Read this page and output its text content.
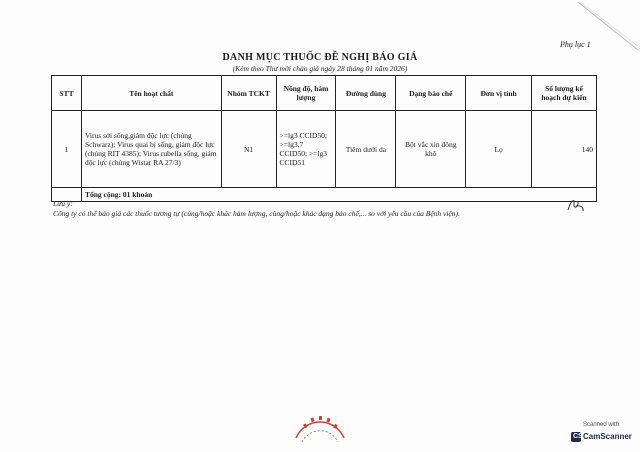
Phụ lục 1
DANH MỤC THUỐC ĐỀ NGHỊ BÁO GIÁ
(Kèm theo Thư mời chào giá ngày 28 tháng 01 năm 2026)
STT	Tên hoạt chất	Nhóm TCKT	Nồng độ, hàm lượng	Đường dùng	Dạng bào chế	Đơn vị tính	Số lượng kế hoạch dự kiến
1	Virus sởi sống,giảm độc lực (chủng Schwarz); Virus quai bị sống, giảm độc lực (chủng RIT 4385); Virus rubella sống, giảm độc lực (chủng Wistar RA 27/3)	N1	>=lg3 CCID50; >=lg3,7 CCID50; >=lg3 CCID51	Tiêm dưới da	Bột vắc xin đông khô	Lọ	140
	Tổng cộng: 01 khoản						
Lưu ý:
Công ty có thể báo giá các thuốc tương tự (cùng/hoặc khác hàm lượng, cùng/hoặc khác dạng bào chế,... so với yêu cầu của Bệnh viện).
Scanned with
CS CamScanner
